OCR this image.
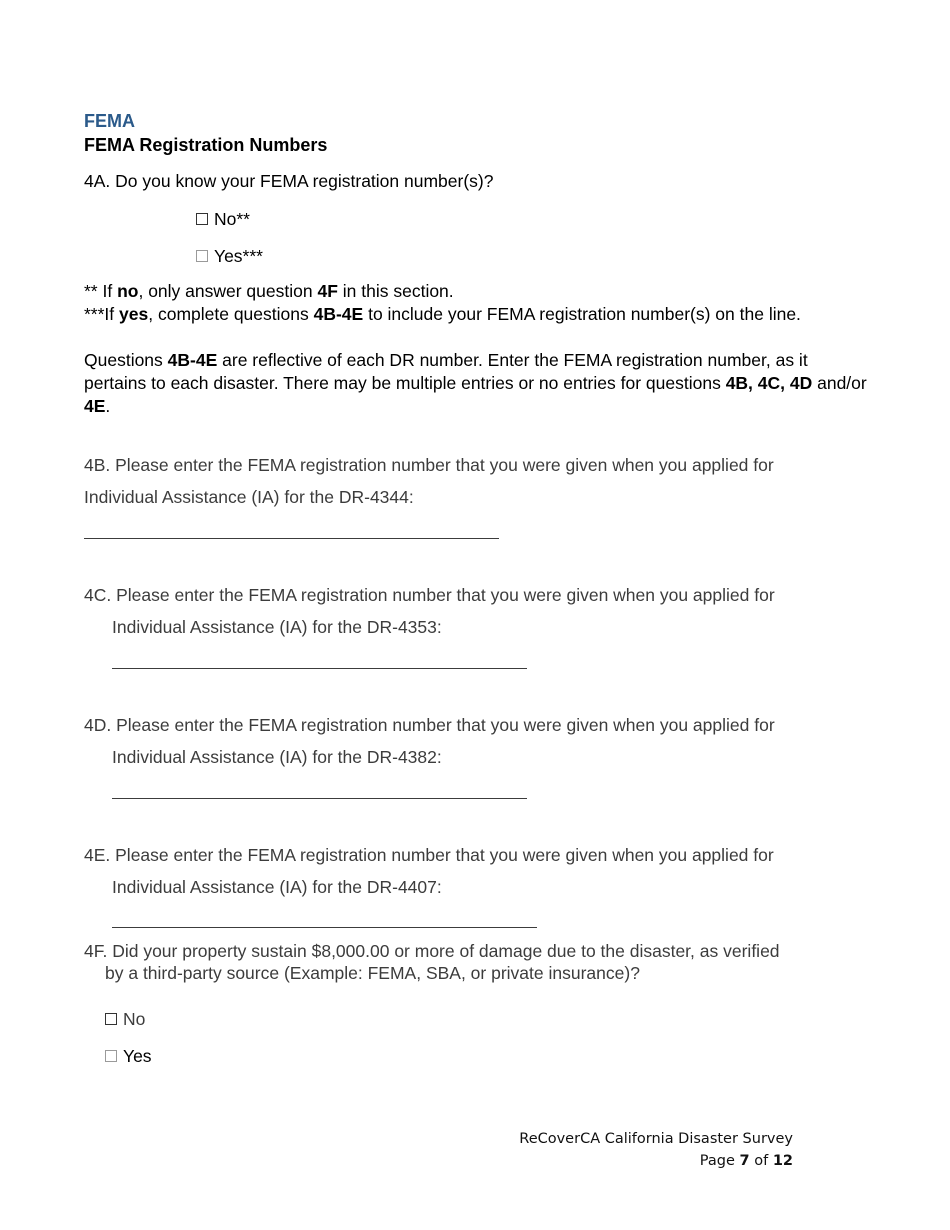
FEMA
FEMA Registration Numbers
4A. Do you know your FEMA registration number(s)?
No**
Yes***
** If no, only answer question 4F in this section.
***If yes, complete questions 4B-4E to include your FEMA registration number(s) on the line.
Questions 4B-4E are reflective of each DR number. Enter the FEMA registration number, as it pertains to each disaster. There may be multiple entries or no entries for questions 4B, 4C, 4D and/or 4E.
4B. Please enter the FEMA registration number that you were given when you applied for
Individual Assistance (IA) for the DR-4344:
4C. Please enter the FEMA registration number that you were given when you applied for
Individual Assistance (IA) for the DR-4353:
4D. Please enter the FEMA registration number that you were given when you applied for
Individual Assistance (IA) for the DR-4382:
4E. Please enter the FEMA registration number that you were given when you applied for
Individual Assistance (IA) for the DR-4407:
4F. Did your property sustain $8,000.00 or more of damage due to the disaster, as verified
by a third-party source (Example: FEMA, SBA, or private insurance)?
No
Yes
ReCoverCA California Disaster Survey
Page 7 of 12
